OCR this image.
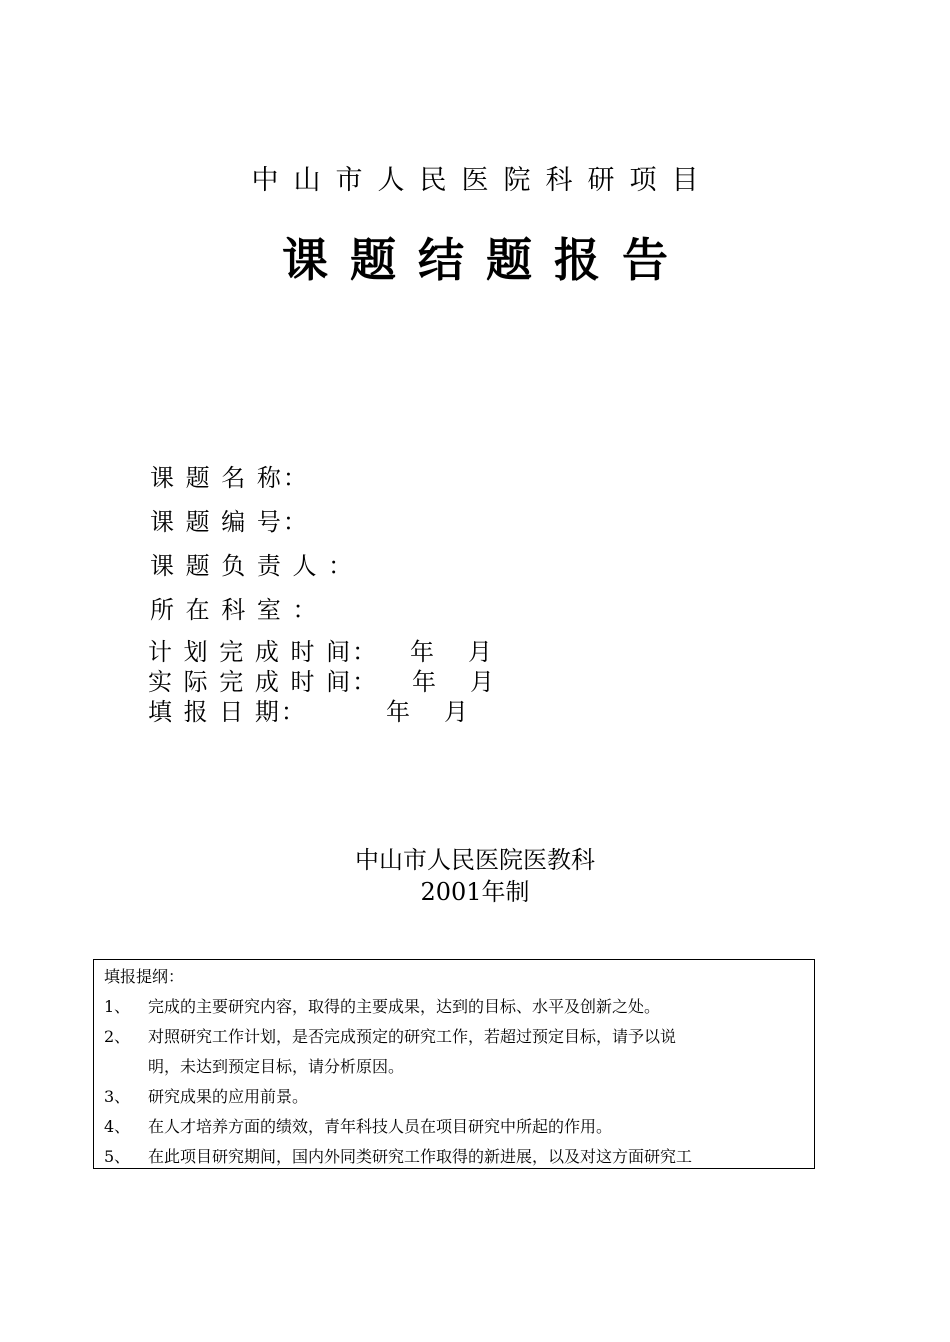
中山市人民医院科研项目
课题结题报告
课 题 名 称：
课 题 编 号：
课 题 负 责 人 ：
所 在 科 室 ：
计 划 完 成 时 间： 年 月
实 际 完 成 时 间： 年 月
填 报 日 期：	年 月
中山市人民医院医教科
2001年制
填报提纲：
1、 完成的主要研究内容，取得的主要成果，达到的目标、水平及创新之处。
2、 对照研究工作计划，是否完成预定的研究工作，若超过预定目标，请予以说
明，未达到预定目标，请分析原因。
3、 研究成果的应用前景。
4、 在人才培养方面的绩效，青年科技人员在项目研究中所起的作用。
5、 在此项目研究期间，国内外同类研究工作取得的新进展，以及对这方面研究工
